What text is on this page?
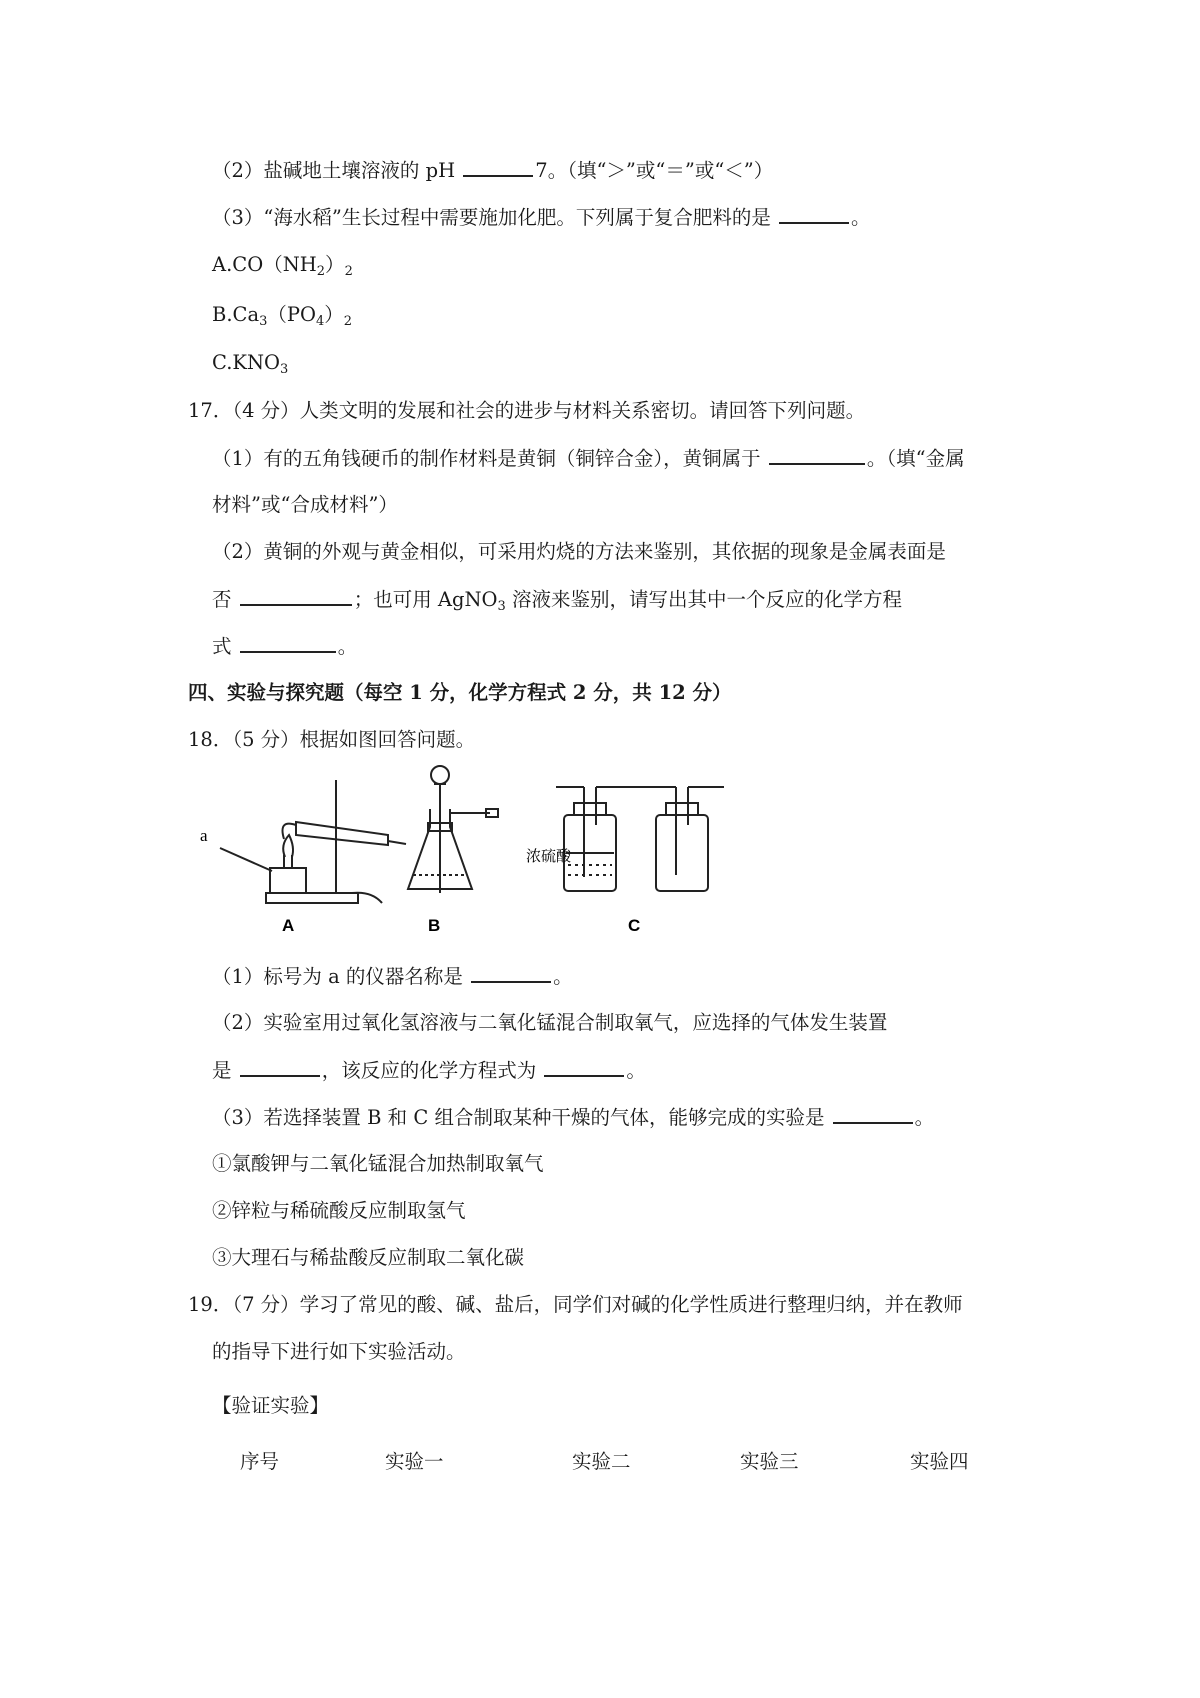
（2）盐碱地土壤溶液的 pH	7。（填“＞”或“＝”或“＜”）
（3）“海水稻”生长过程中需要施加化肥。下列属于复合肥料的是	。
$A.CO(NH_2)_2$
$B.Ca_3(PO_4)_2$
$C.KNO_3$
17．（4 分）人类文明的发展和社会的进步与材料关系密切。请回答下列问题。
（1）有的五角钱硬币的制作材料是黄铜（铜锌合金），黄铜属于	。（填“金属
材料”或“合成材料”）
（2）黄铜的外观与黄金相似，可采用灼烧的方法来鉴别，其依据的现象是金属表面是
否	；也可用 AgNO$_3$ 溶液来鉴别，请写出其中一个反应的化学方程
式	。
四、实验与探究题（每空 1 分，化学方程式 2 分，共 12 分）
18．（5 分）根据如图回答问题。
a
浓硫酸
A	B	C
（1）标号为 a 的仪器名称是	。
（2）实验室用过氧化氢溶液与二氧化锰混合制取氧气，应选择的气体发生装置
是	，该反应的化学方程式为	。
（3）若选择装置 B 和 C 组合制取某种干燥的气体，能够完成的实验是	。
①氯酸钾与二氧化锰混合加热制取氧气
②锌粒与稀硫酸反应制取氢气
③大理石与稀盐酸反应制取二氧化碳
19．（7 分）学习了常见的酸、碱、盐后，同学们对碱的化学性质进行整理归纳，并在教师
的指导下进行如下实验活动。
【验证实验】
序号	实验一	实验二	实验三	实验四
